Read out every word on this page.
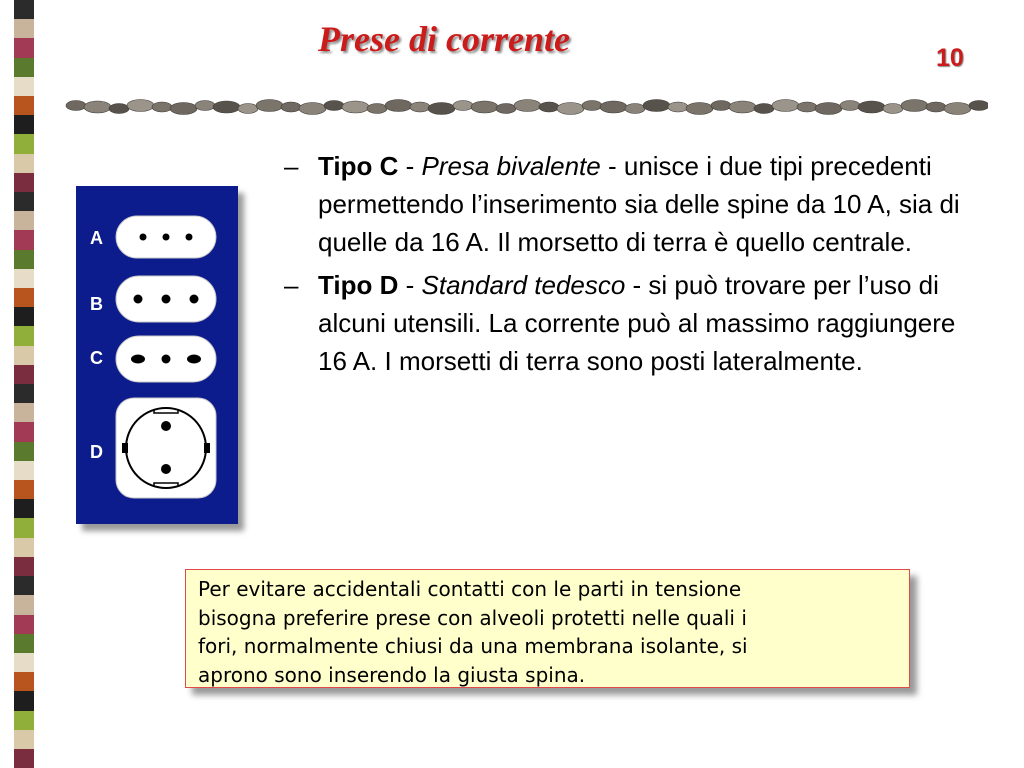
Prese di corrente	10
A
B
C
D
– Tipo C - Presa bivalente - unisce i due tipi precedenti permettendo l’inserimento sia delle spine da 10 A, sia di quelle da 16 A. Il morsetto di terra è quello centrale.
– Tipo D - Standard tedesco - si può trovare per l’uso di alcuni utensili. La corrente può al massimo raggiungere 16 A. I morsetti di terra sono posti lateralmente.
Per evitare accidentali contatti con le parti in tensione
bisogna preferire prese con alveoli protetti nelle quali i
fori, normalmente chiusi da una membrana isolante, si
aprono sono inserendo la giusta spina.
